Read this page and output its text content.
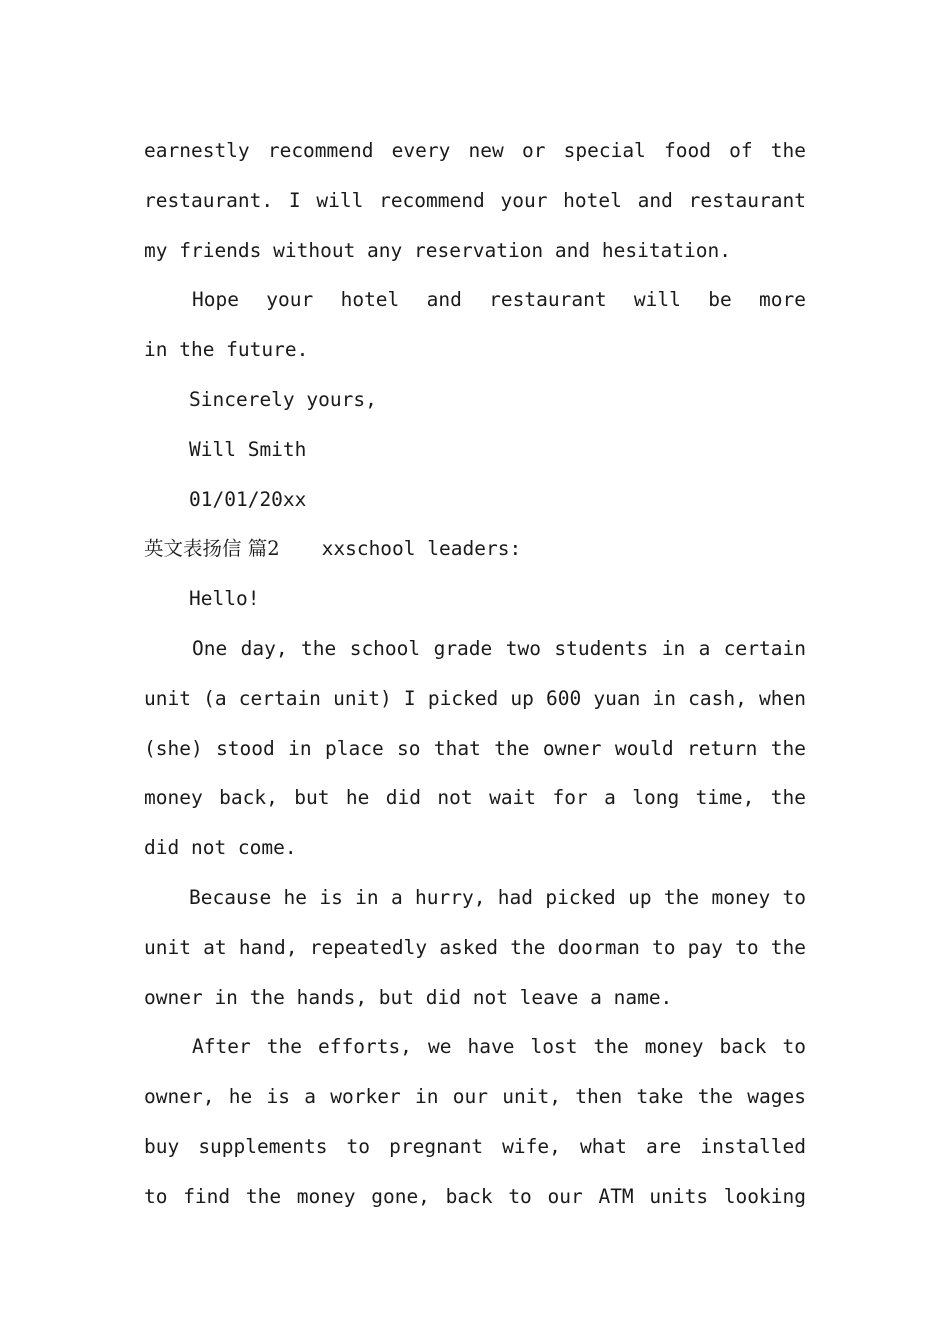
earnestly recommend every new or special food of the
restaurant. I will recommend your hotel and restaurant
my friends without any reservation and hesitation.
Hope your hotel and restaurant will be more
in the future.
Sincerely yours,
Will Smith
01/01/20xx
英文表扬信 篇2 xxschool leaders:
Hello!
One day, the school grade two students in a certain
unit (a certain unit) I picked up 600 yuan in cash, when
(she) stood in place so that the owner would return the
money back, but he did not wait for a long time, the
did not come.
Because he is in a hurry, had picked up the money to
unit at hand, repeatedly asked the doorman to pay to the
owner in the hands, but did not leave a name.
After the efforts, we have lost the money back to
owner, he is a worker in our unit, then take the wages
buy supplements to pregnant wife, what are installed
to find the money gone, back to our ATM units looking
